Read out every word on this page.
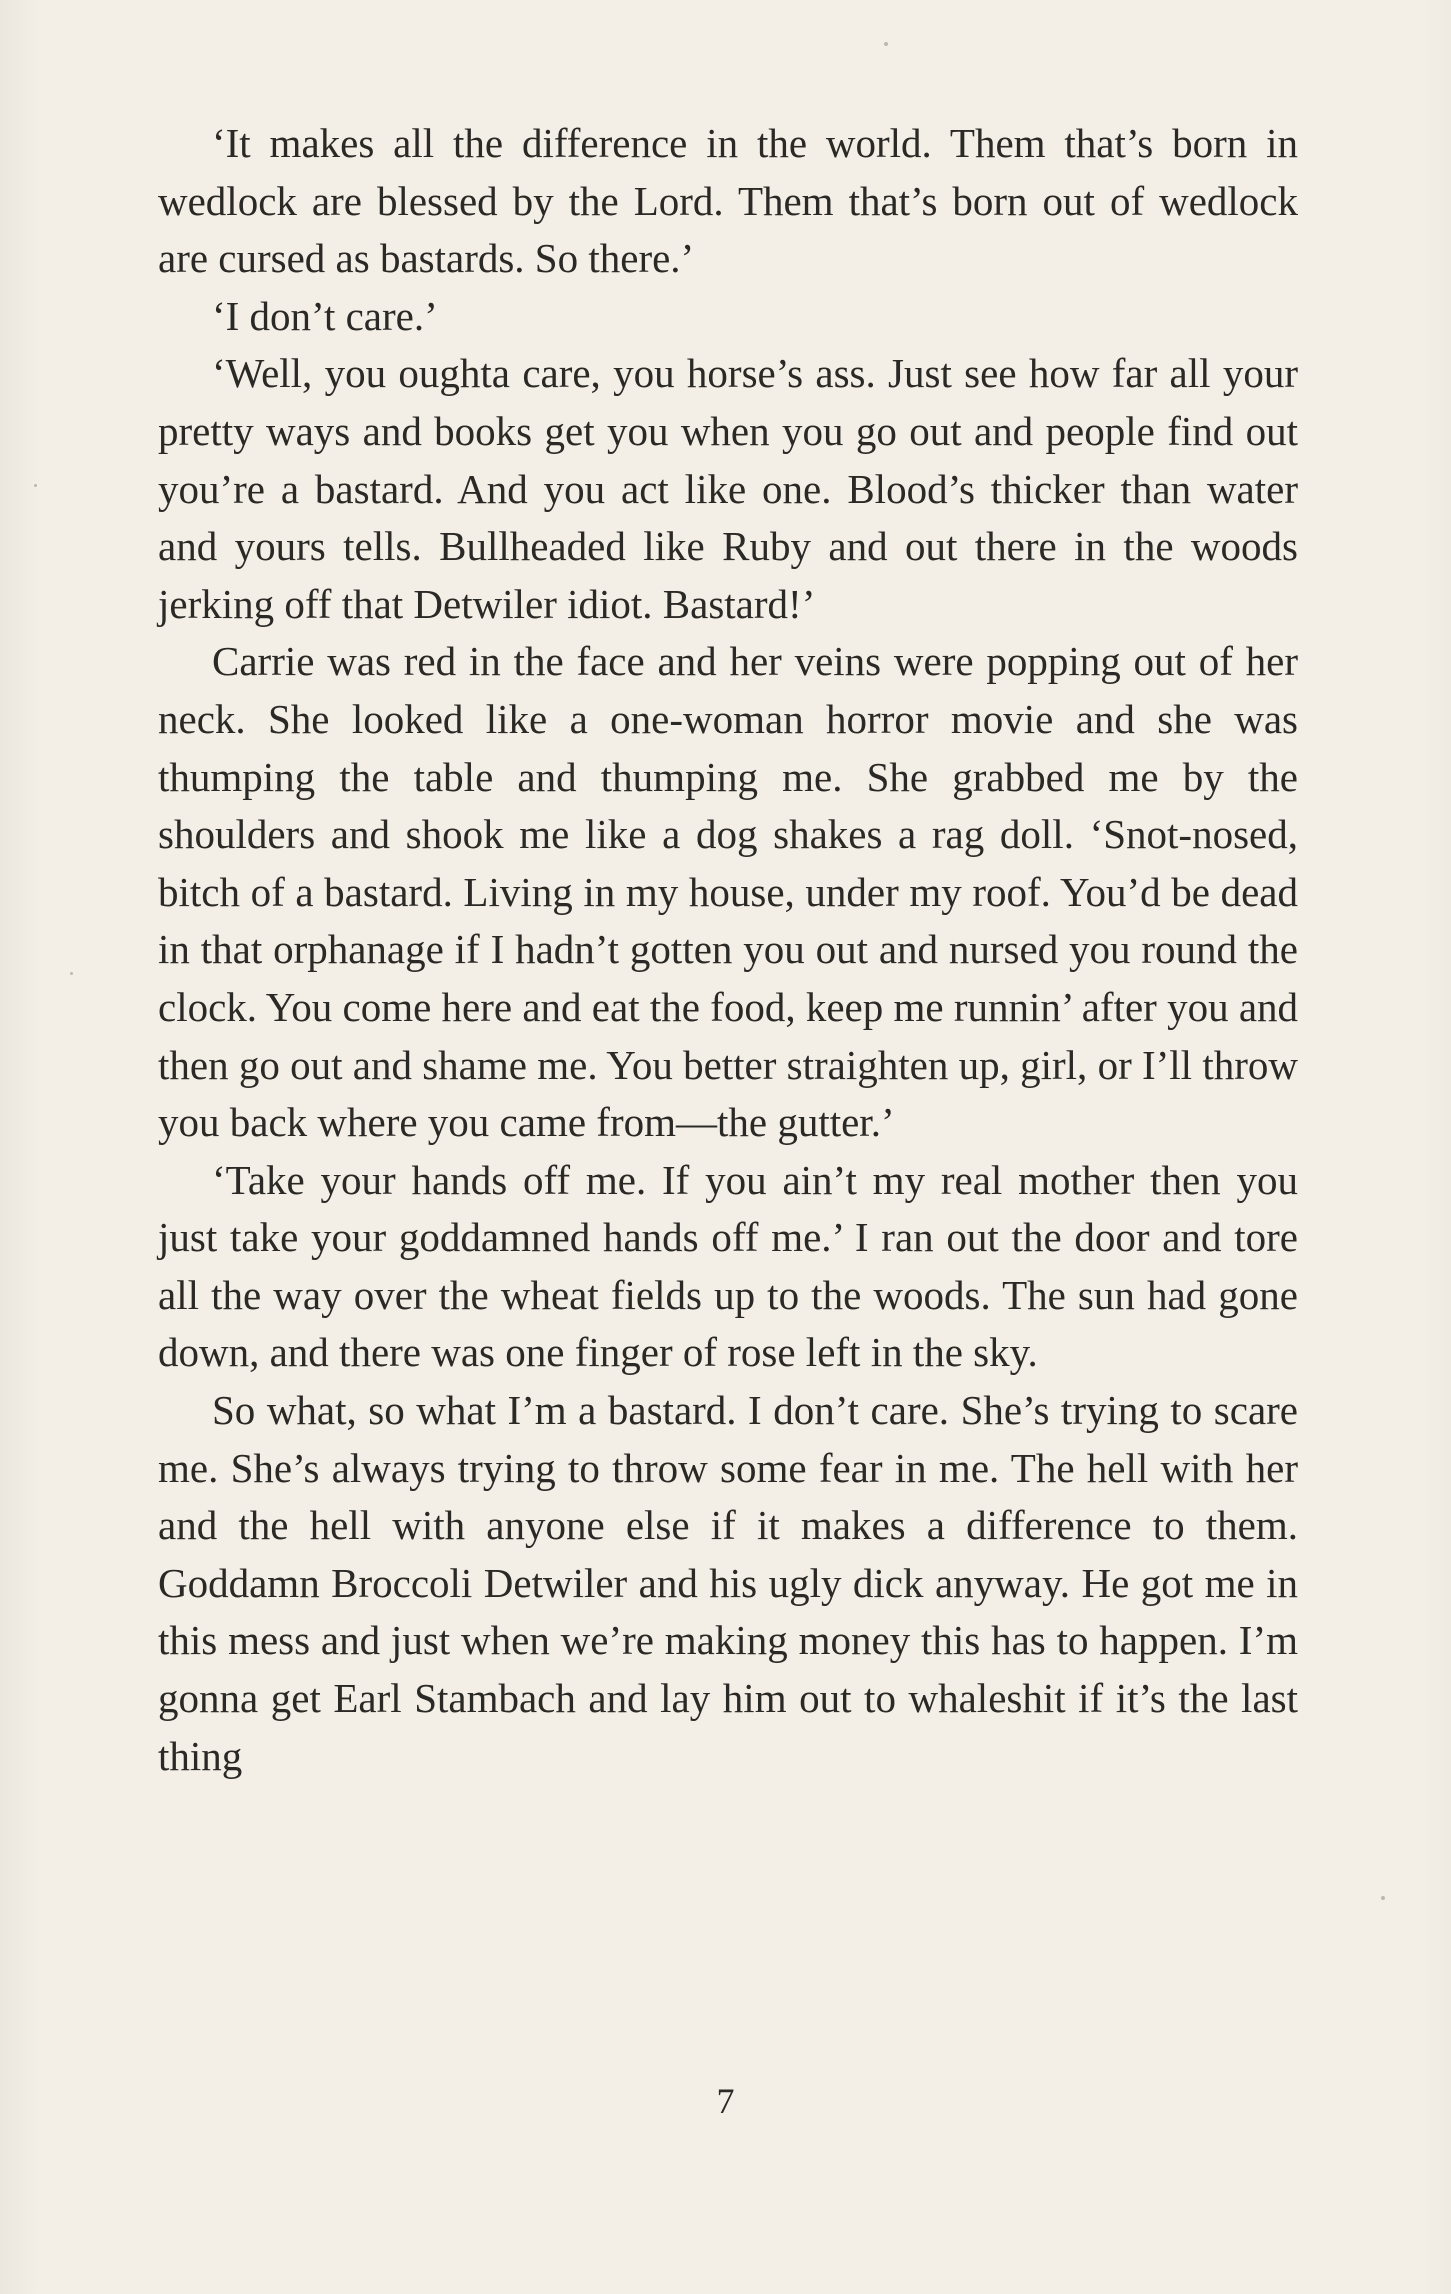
‘It makes all the difference in the world. Them that’s born in wedlock are blessed by the Lord. Them that’s born out of wedlock are cursed as bastards. So there.’

‘I don’t care.’

‘Well, you oughta care, you horse’s ass. Just see how far all your pretty ways and books get you when you go out and people find out you’re a bastard. And you act like one. Blood’s thicker than water and yours tells. Bullheaded like Ruby and out there in the woods jerking off that Detwiler idiot. Bastard!’

Carrie was red in the face and her veins were popping out of her neck. She looked like a one-woman horror movie and she was thumping the table and thumping me. She grabbed me by the shoulders and shook me like a dog shakes a rag doll. ‘Snot-nosed, bitch of a bastard. Living in my house, under my roof. You’d be dead in that orphanage if I hadn’t gotten you out and nursed you round the clock. You come here and eat the food, keep me runnin’ after you and then go out and shame me. You better straighten up, girl, or I’ll throw you back where you came from—the gutter.’

‘Take your hands off me. If you ain’t my real mother then you just take your goddamned hands off me.’ I ran out the door and tore all the way over the wheat fields up to the woods. The sun had gone down, and there was one finger of rose left in the sky.

So what, so what I’m a bastard. I don’t care. She’s trying to scare me. She’s always trying to throw some fear in me. The hell with her and the hell with anyone else if it makes a difference to them. Goddamn Broccoli Detwiler and his ugly dick anyway. He got me in this mess and just when we’re making money this has to happen. I’m gonna get Earl Stambach and lay him out to whaleshit if it’s the last thing

7
